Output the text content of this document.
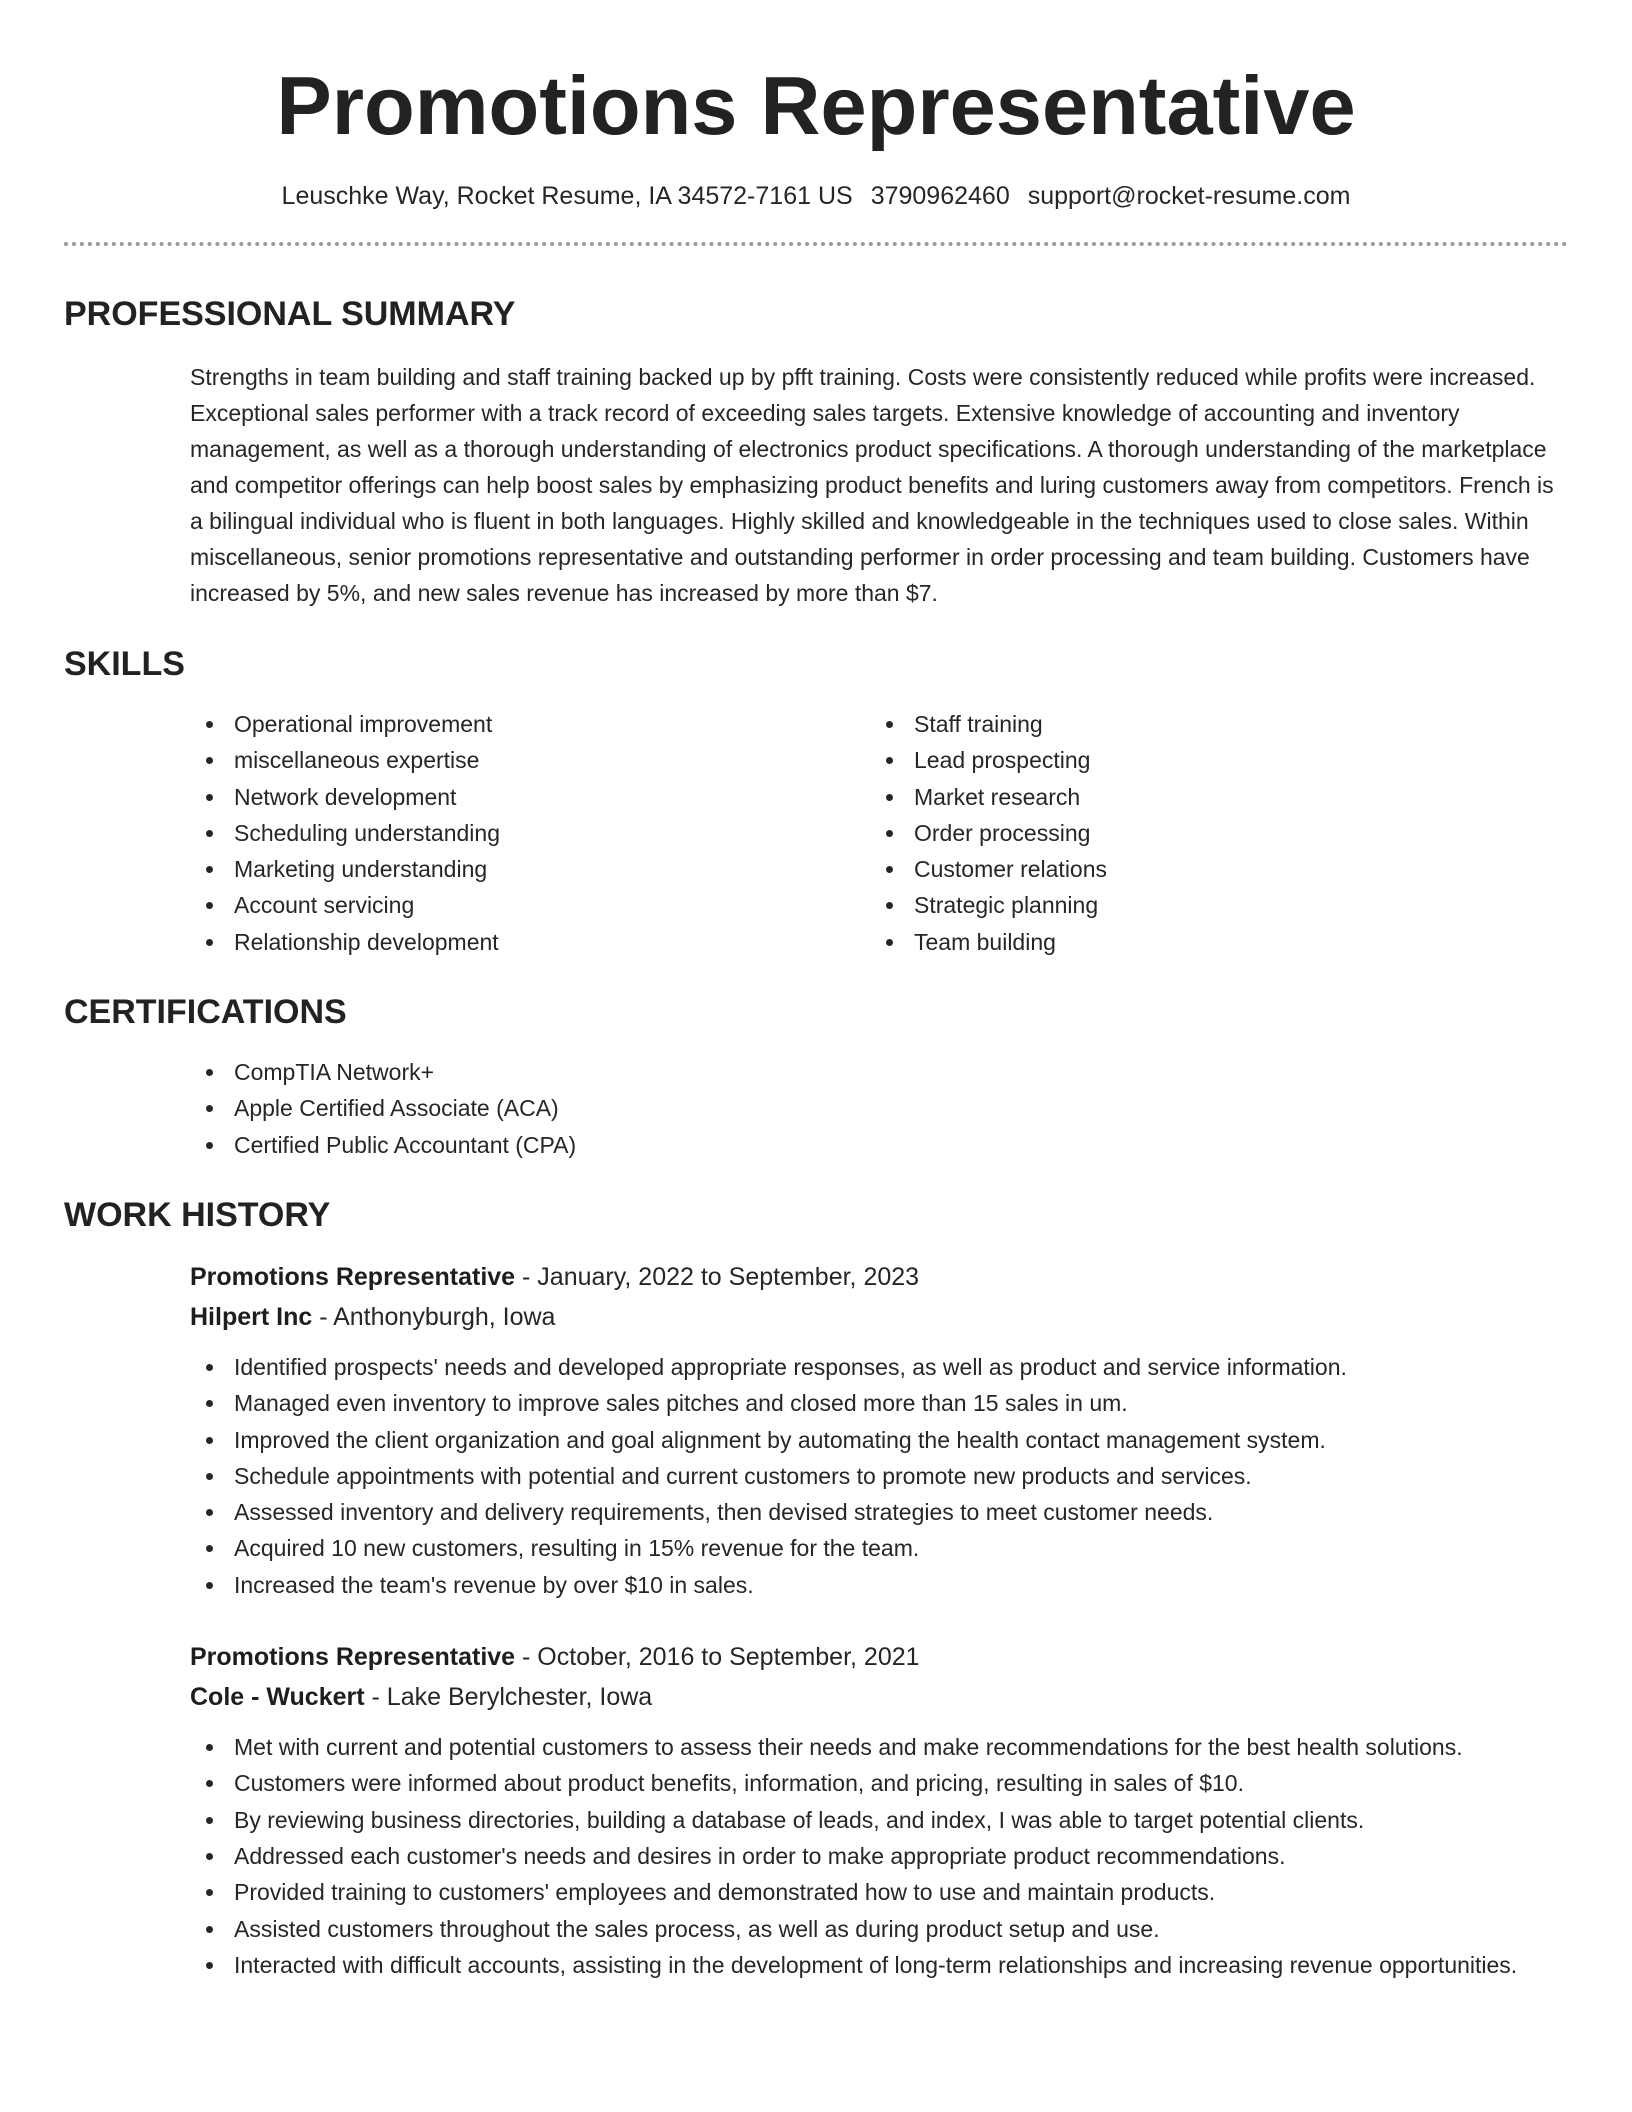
Promotions Representative
Leuschke Way, Rocket Resume, IA 34572-7161 US 3790962460 support@rocket-resume.com
PROFESSIONAL SUMMARY

Strengths in team building and staff training backed up by pfft training. Costs were consistently reduced while profits were increased. Exceptional sales performer with a track record of exceeding sales targets. Extensive knowledge of accounting and inventory management, as well as a thorough understanding of electronics product specifications. A thorough understanding of the marketplace and competitor offerings can help boost sales by emphasizing product benefits and luring customers away from competitors. French is a bilingual individual who is fluent in both languages. Highly skilled and knowledgeable in the techniques used to close sales. Within miscellaneous, senior promotions representative and outstanding performer in order processing and team building. Customers have increased by 5%, and new sales revenue has increased by more than $7.

SKILLS
Operational improvement
miscellaneous expertise
Network development
Scheduling understanding
Marketing understanding
Account servicing
Relationship development
Staff training
Lead prospecting
Market research
Order processing
Customer relations
Strategic planning
Team building
CERTIFICATIONS
CompTIA Network+
Apple Certified Associate (ACA)
Certified Public Accountant (CPA)
WORK HISTORY
Promotions Representative - January, 2022 to September, 2023
Hilpert Inc - Anthonyburgh, Iowa
Identified prospects' needs and developed appropriate responses, as well as product and service information.
Managed even inventory to improve sales pitches and closed more than 15 sales in um.
Improved the client organization and goal alignment by automating the health contact management system.
Schedule appointments with potential and current customers to promote new products and services.
Assessed inventory and delivery requirements, then devised strategies to meet customer needs.
Acquired 10 new customers, resulting in 15% revenue for the team.
Increased the team's revenue by over $10 in sales.
Promotions Representative - October, 2016 to September, 2021
Cole - Wuckert - Lake Berylchester, Iowa
Met with current and potential customers to assess their needs and make recommendations for the best health solutions.
Customers were informed about product benefits, information, and pricing, resulting in sales of $10.
By reviewing business directories, building a database of leads, and index, I was able to target potential clients.
Addressed each customer's needs and desires in order to make appropriate product recommendations.
Provided training to customers' employees and demonstrated how to use and maintain products.
Assisted customers throughout the sales process, as well as during product setup and use.
Interacted with difficult accounts, assisting in the development of long-term relationships and increasing revenue opportunities.
